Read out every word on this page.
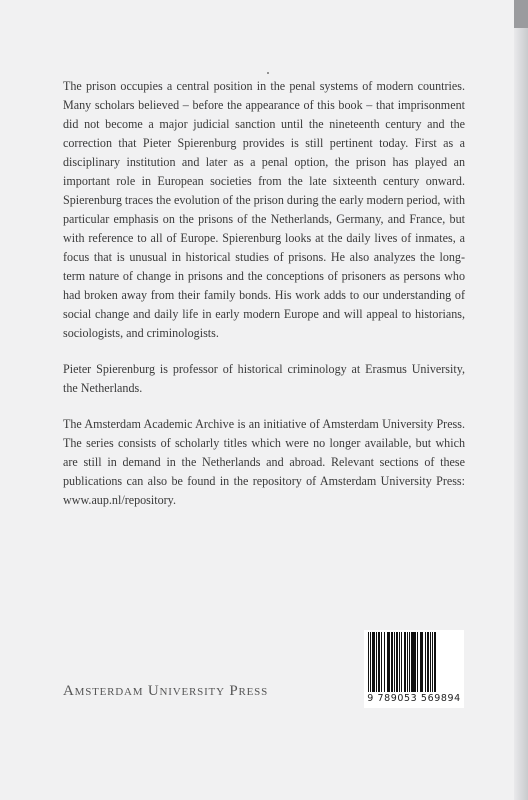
The prison occupies a central position in the penal systems of modern countries. Many scholars believed – before the appearance of this book – that imprisonment did not become a major judicial sanction until the nineteenth century and the correction that Pieter Spierenburg provides is still pertinent today. First as a disciplinary institution and later as a penal option, the prison has played an important role in European societies from the late sixteenth century onward. Spierenburg traces the evolution of the prison during the early modern period, with particular emphasis on the prisons of the Netherlands, Germany, and France, but with reference to all of Europe. Spierenburg looks at the daily lives of inmates, a focus that is unusual in historical studies of prisons. He also analyzes the long-term nature of change in prisons and the conceptions of prisoners as persons who had broken away from their family bonds. His work adds to our understanding of social change and daily life in early modern Europe and will appeal to historians, sociologists, and criminologists.

Pieter Spierenburg is professor of historical criminology at Erasmus University, the Netherlands.

The Amsterdam Academic Archive is an initiative of Amsterdam University Press. The series consists of scholarly titles which were no longer available, but which are still in demand in the Netherlands and abroad. Relevant sections of these publications can also be found in the repository of Amsterdam University Press: www.aup.nl/repository.

Amsterdam University Press	9 789053 569894
